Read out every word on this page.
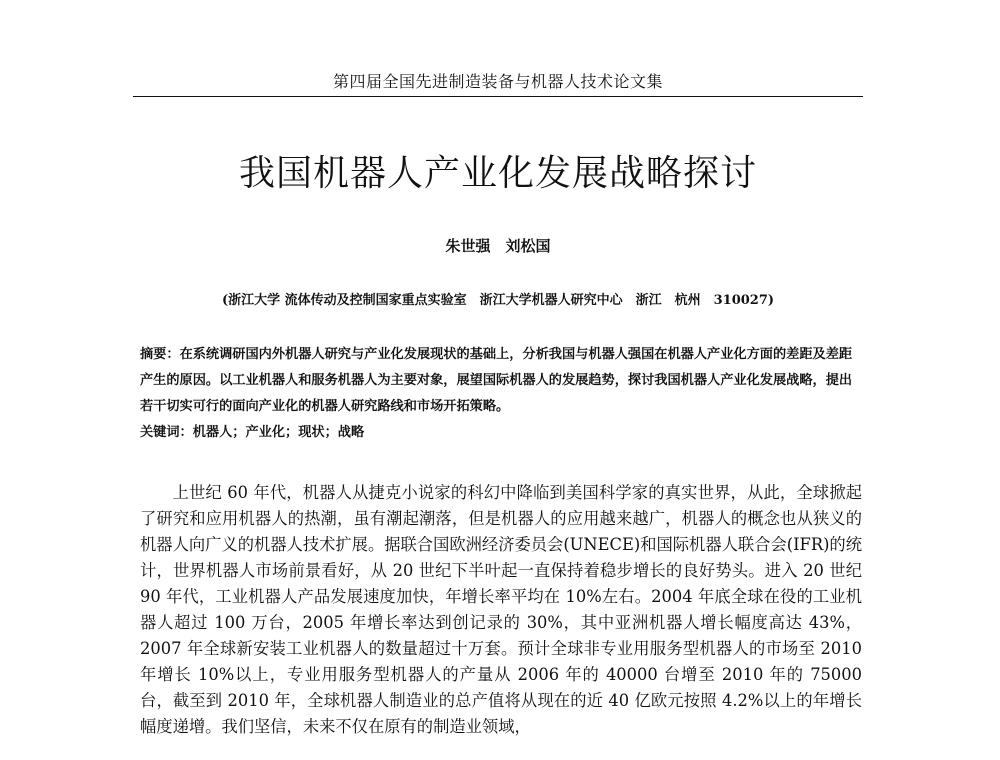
第四届全国先进制造装备与机器人技术论文集
我国机器人产业化发展战略探讨
朱世强　刘松国
(浙江大学 流体传动及控制国家重点实验室　浙江大学机器人研究中心　浙江　杭州　310027)

摘要：在系统调研国内外机器人研究与产业化发展现状的基础上，分析我国与机器人强国在机器人产业化方面的差距及差距产生的原因。以工业机器人和服务机器人为主要对象，展望国际机器人的发展趋势，探讨我国机器人产业化发展战略，提出若干切实可行的面向产业化的机器人研究路线和市场开拓策略。

关键词：机器人；产业化；现状；战略

上世纪 60 年代，机器人从捷克小说家的科幻中降临到美国科学家的真实世界，从此，全球掀起了研究和应用机器人的热潮，虽有潮起潮落，但是机器人的应用越来越广，机器人的概念也从狭义的机器人向广义的机器人技术扩展。据联合国欧洲经济委员会(UNECE)和国际机器人联合会(IFR)的统计，世界机器人市场前景看好，从 20 世纪下半叶起一直保持着稳步增长的良好势头。进入 20 世纪 90 年代，工业机器人产品发展速度加快，年增长率平均在 10%左右。2004 年底全球在役的工业机器人超过 100 万台，2005 年增长率达到创记录的 30%，其中亚洲机器人增长幅度高达 43%，2007 年全球新安装工业机器人的数量超过十万套。预计全球非专业用服务型机器人的市场至 2010 年增长 10%以上，专业用服务型机器人的产量从 2006 年的 40000 台增至 2010 年的 75000 台，截至到 2010 年，全球机器人制造业的总产值将从现在的近 40 亿欧元按照 4.2%以上的年增长幅度递增。我们坚信，未来不仅在原有的制造业领域，
